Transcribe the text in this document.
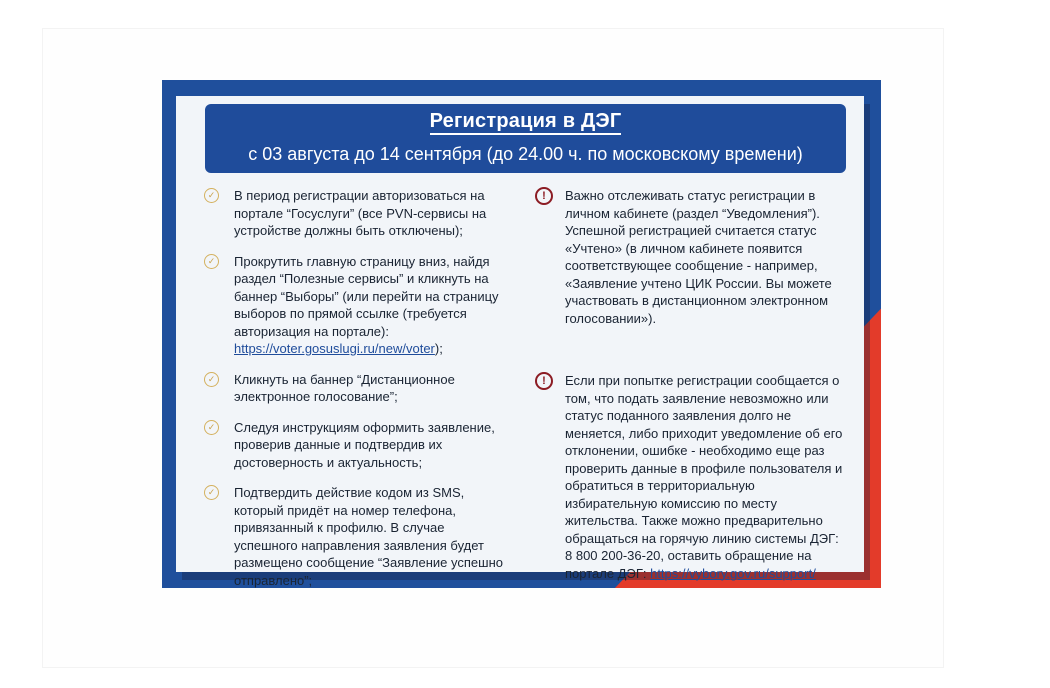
Регистрация в ДЭГ
с 03 августа до 14 сентября (до 24.00 ч. по московскому времени)
✓ В период регистрации авторизоваться на портале “Госуслуги” (все PVN-сервисы на устройстве должны быть отключены);
✓ Прокрутить главную страницу вниз, найдя раздел “Полезные сервисы” и кликнуть на баннер “Выборы” (или перейти на страницу выборов по прямой ссылке (требуется авторизация на портале): https://voter.gosuslugi.ru/new/voter);
✓ Кликнуть на баннер “Дистанционное электронное голосование”;
✓ Следуя инструкциям оформить заявление, проверив данные и подтвердив их достоверность и актуальность;
✓ Подтвердить действие кодом из SMS, который придёт на номер телефона, привязанный к профилю. В случае успешного направления заявления будет размещено сообщение “Заявление успешно отправлено”;
!	Важно отслеживать статус регистрации в личном кабинете (раздел “Уведомления”). Успешной регистрацией считается статус «Учтено» (в личном кабинете появится соответствующее сообщение - например, «Заявление учтено ЦИК России. Вы можете участвовать в дистанционном электронном голосовании»).
!	Если при попытке регистрации сообщается о том, что подать заявление невозможно или статус поданного заявления долго не меняется, либо приходит уведомление об его отклонении, ошибке - необходимо еще раз проверить данные в профиле пользователя и обратиться в территориальную избирательную комиссию по месту жительства. Также можно предварительно обращаться на горячую линию системы ДЭГ: 8 800 200-36-20, оставить обращение на портале ДЭГ: https://vybory.gov.ru/support/
